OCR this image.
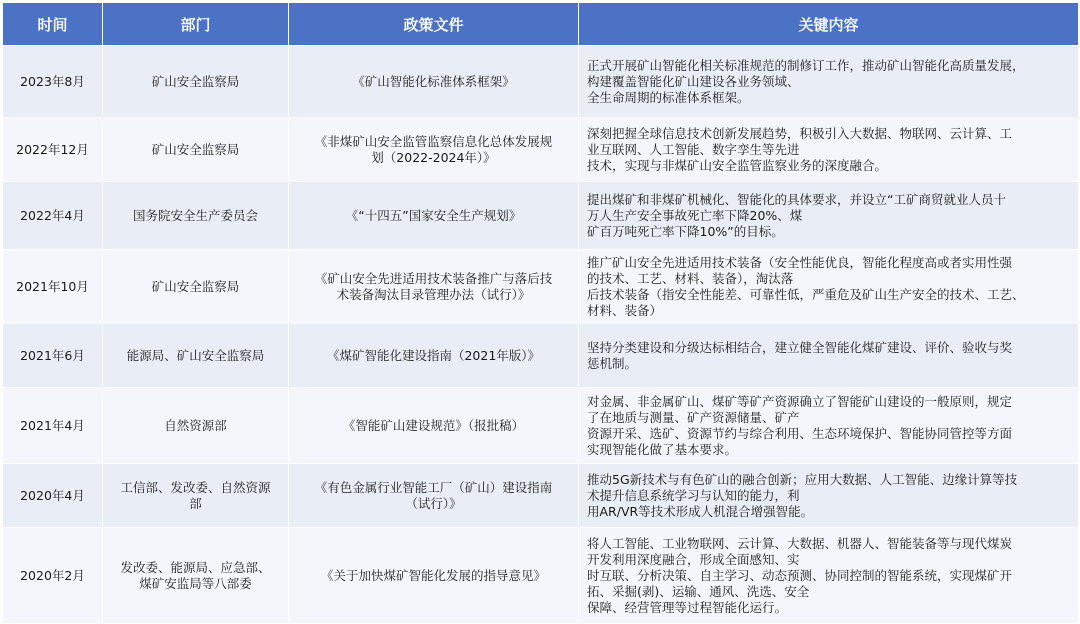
时间	部门	政策文件	关键内容
2023年8月	矿山安全监察局	《矿山智能化标准体系框架》	正式开展矿山智能化相关标准规范的制修订工作，推动矿山智能化高质量发展，
构建覆盖智能化矿山建设各业务领域、
全生命周期的标准体系框架。

2022年12月	矿山安全监察局	《非煤矿山安全监管监察信息化总体发展规
划（2022-2024年）》	深刻把握全球信息技术创新发展趋势，积极引入大数据、物联网、云计算、工
业互联网、人工智能、数字孪生等先进
技术，实现与非煤矿山安全监管监察业务的深度融合。

2022年4月	国务院安全生产委员会	《“十四五”国家安全生产规划》	提出煤矿和非煤矿机械化、智能化的具体要求，并设立“工矿商贸就业人员十
万人生产安全事故死亡率下降20%、煤
矿百万吨死亡率下降10%”的目标。

2021年10月	矿山安全监察局	《矿山安全先进适用技术装备推广与落后技
术装备淘汰目录管理办法（试行）》	推广矿山安全先进适用技术装备（安全性能优良，智能化程度高或者实用性强
的技术、工艺、材料、装备），淘汰落
后技术装备（指安全性能差、可靠性低，严重危及矿山生产安全的技术、工艺、
材料、装备）

2021年6月	能源局、矿山安全监察局	《煤矿智能化建设指南（2021年版）》	坚持分类建设和分级达标相结合，建立健全智能化煤矿建设、评价、验收与奖
惩机制。

2021年4月	自然资源部	《智能矿山建设规范》（报批稿）	对金属、非金属矿山、煤矿等矿产资源确立了智能矿山建设的一般原则，规定
了在地质与测量、矿产资源储量、矿产
资源开采、选矿、资源节约与综合利用、生态环境保护、智能协同管控等方面
实现智能化做了基本要求。

2020年4月	工信部、发改委、自然资源
部	《有色金属行业智能工厂（矿山）建设指南
（试行）》	推动5G新技术与有色矿山的融合创新；应用大数据、人工智能、边缘计算等技
术提升信息系统学习与认知的能力，利
用AR/VR等技术形成人机混合增强智能。

2020年2月	发改委、能源局、应急部、
煤矿安监局等八部委	《关于加快煤矿智能化发展的指导意见》	将人工智能、工业物联网、云计算、大数据、机器人、智能装备等与现代煤炭
开发利用深度融合，形成全面感知、实
时互联、分析决策、自主学习、动态预测、协同控制的智能系统，实现煤矿开
拓、采掘(剥)、运输、通风、洗选、安全
保障、经营管理等过程智能化运行。
